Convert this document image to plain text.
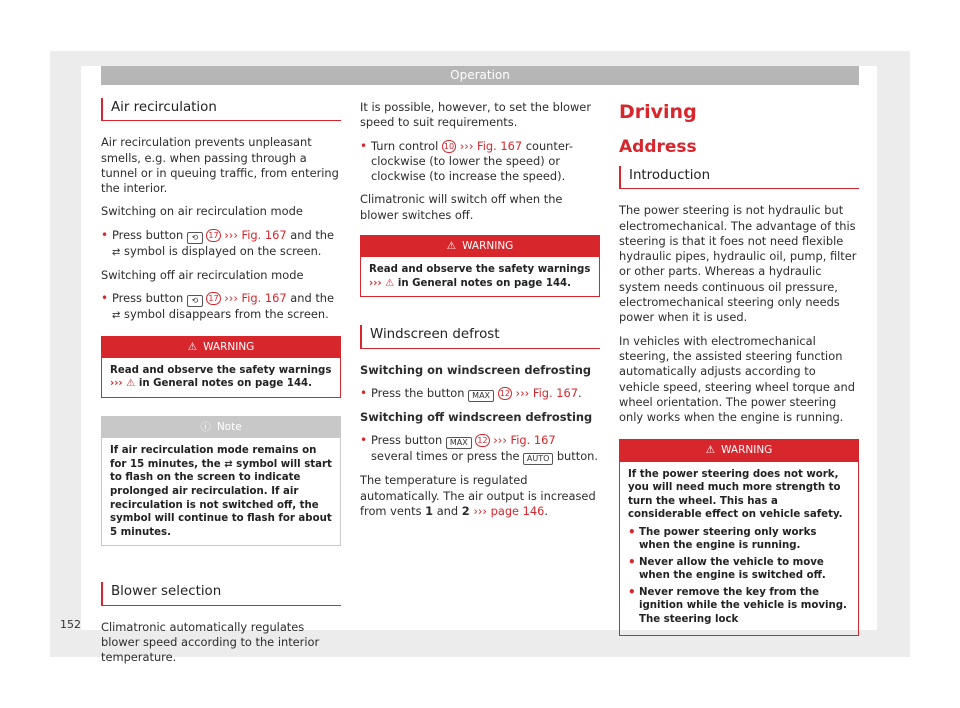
Operation
Air recirculation

Air recirculation prevents unpleasant smells, e.g. when passing through a tunnel or in queuing traffic, from entering the interior.

Switching on air recirculation mode

• Press button ⟲ 17 ››› Fig. 167 and the ⇄ symbol is displayed on the screen.

Switching off air recirculation mode

• Press button ⟲ 17 ››› Fig. 167 and the ⇄ symbol disappears from the screen.
⚠ WARNING
Read and observe the safety warnings ››› ⚠ in General notes on page 144.
ⓘ Note
If air recirculation mode remains on for 15 minutes, the ⇄ symbol will start to flash on the screen to indicate prolonged air recirculation. If air recirculation is not switched off, the symbol will continue to flash for about 5 minutes.
Blower selection

Climatronic automatically regulates blower speed according to the interior temperature.

It is possible, however, to set the blower speed to suit requirements.

• Turn control 10 ››› Fig. 167 counter-clockwise (to lower the speed) or clockwise (to increase the speed).

Climatronic will switch off when the blower switches off.

⚠ WARNING
Read and observe the safety warnings ››› ⚠ in General notes on page 144.
Windscreen defrost

Switching on windscreen defrosting

• Press the button MAX 12 ››› Fig. 167.

Switching off windscreen defrosting

• Press button MAX 12 ››› Fig. 167 several times or press the AUTO button.

The temperature is regulated automatically. The air output is increased from vents 1 and 2 ››› page 146.

Driving
Address
Introduction

The power steering is not hydraulic but electromechanical. The advantage of this steering is that it foes not need flexible hydraulic pipes, hydraulic oil, pump, filter or other parts. Whereas a hydraulic system needs continuous oil pressure, electromechanical steering only needs power when it is used.

In vehicles with electromechanical steering, the assisted steering function automatically adjusts according to vehicle speed, steering wheel torque and wheel orientation. The power steering only works when the engine is running.

⚠ WARNING

If the power steering does not work, you will need much more strength to turn the wheel. This has a considerable effect on vehicle safety.

• The power steering only works when the engine is running.
• Never allow the vehicle to move when the engine is switched off.
• Never remove the key from the ignition while the vehicle is moving. The steering lock
152
